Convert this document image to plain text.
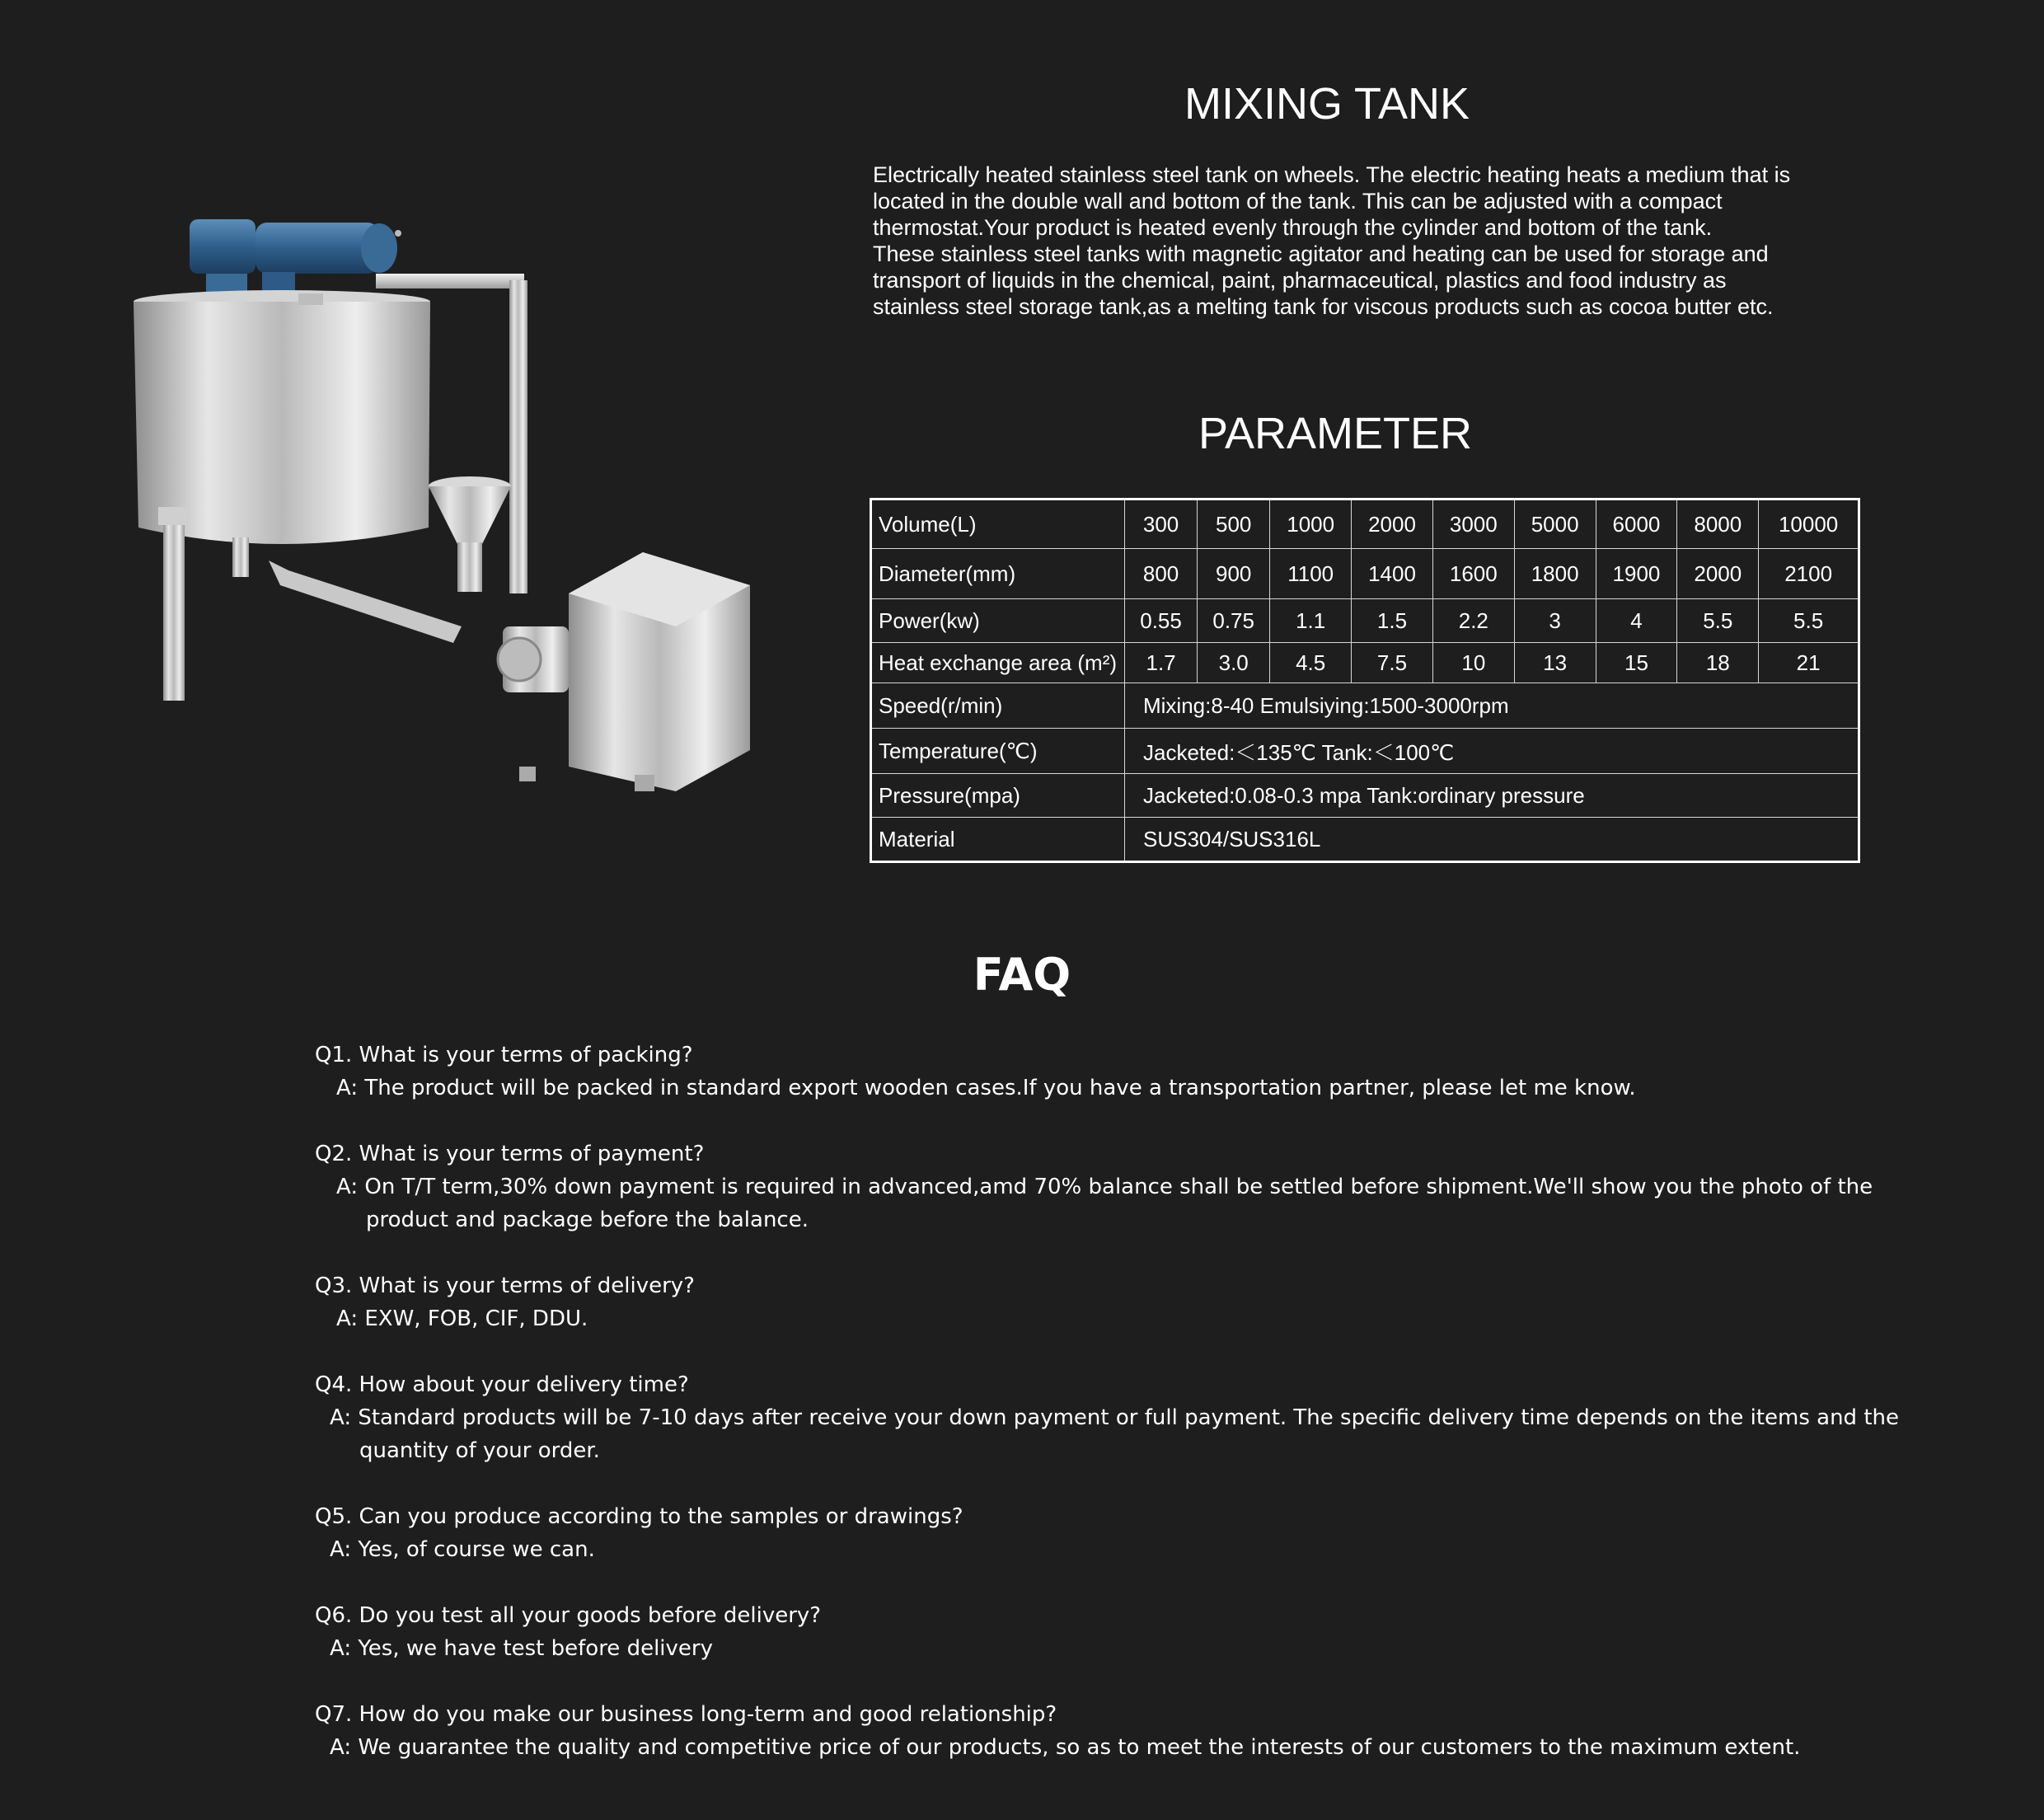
MIXING TANK

Electrically heated stainless steel tank on wheels. The electric heating heats a medium that is
located in the double wall and bottom of the tank. This can be adjusted with a compact
thermostat.Your product is heated evenly through the cylinder and bottom of the tank.
These stainless steel tanks with magnetic agitator and heating can be used for storage and
transport of liquids in the chemical, paint, pharmaceutical, plastics and food industry as
stainless steel storage tank,as a melting tank for viscous products such as cocoa butter etc.

PARAMETER
Volume(L)	300	500	1000	2000	3000	5000	6000	8000	10000
Diameter(mm)	800	900	1100	1400	1600	1800	1900	2000	2100
Power(kw)	0.55	0.75	1.1	1.5	2.2	3	4	5.5	5.5
Heat exchange area (m²)	1.7	3.0	4.5	7.5	10	13	15	18	21
Speed(r/min)	Mixing:8-40 Emulsiying:1500-3000rpm								
Temperature(℃)	Jacketed:＜135℃ Tank:＜100℃								
Pressure(mpa)	Jacketed:0.08-0.3 mpa Tank:ordinary pressure								
Material	SUS304/SUS316L								
FAQ
Q1. What is your terms of packing?
A: The product will be packed in standard export wooden cases.If you have a transportation partner, please let me know.
Q2. What is your terms of payment?
A: On T/T term,30% down payment is required in advanced,amd 70% balance shall be settled before shipment.We'll show you the photo of the
product and package before the balance.
Q3. What is your terms of delivery?
A: EXW, FOB, CIF, DDU.
Q4. How about your delivery time?
A: Standard products will be 7-10 days after receive your down payment or full payment. The specific delivery time depends on the items and the
quantity of your order.
Q5. Can you produce according to the samples or drawings?
A: Yes, of course we can.
Q6. Do you test all your goods before delivery?
A: Yes, we have test before delivery
Q7. How do you make our business long-term and good relationship?
A: We guarantee the quality and competitive price of our products, so as to meet the interests of our customers to the maximum extent.
